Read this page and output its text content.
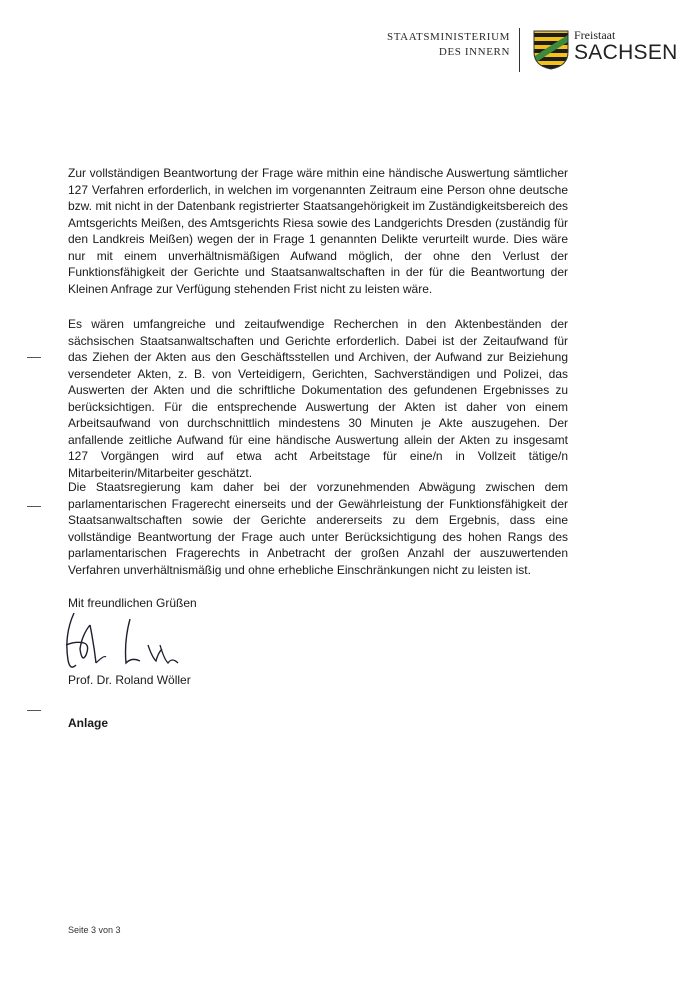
STAATSMINISTERIUM
DES INNERN
Freistaat
SACHSEN

Zur vollständigen Beantwortung der Frage wäre mithin eine händische Auswertung sämtlicher 127 Verfahren erforderlich, in welchen im vorgenannten Zeitraum eine Person ohne deutsche bzw. mit nicht in der Datenbank registrierter Staatsangehörigkeit im Zuständigkeitsbereich des Amtsgerichts Meißen, des Amtsgerichts Riesa sowie des Landgerichts Dresden (zuständig für den Landkreis Meißen) wegen der in Frage 1 genannten Delikte verurteilt wurde. Dies wäre nur mit einem unverhältnismäßigen Aufwand möglich, der ohne den Verlust der Funktionsfähigkeit der Gerichte und Staatsanwaltschaften in der für die Beantwortung der Kleinen Anfrage zur Verfügung stehenden Frist nicht zu leisten wäre.

Es wären umfangreiche und zeitaufwendige Recherchen in den Aktenbeständen der sächsischen Staatsanwaltschaften und Gerichte erforderlich. Dabei ist der Zeitaufwand für das Ziehen der Akten aus den Geschäftsstellen und Archiven, der Aufwand zur Beiziehung versendeter Akten, z. B. von Verteidigern, Gerichten, Sachverständigen und Polizei, das Auswerten der Akten und die schriftliche Dokumentation des gefundenen Ergebnisses zu berücksichtigen. Für die entsprechende Auswertung der Akten ist daher von einem Arbeitsaufwand von durchschnittlich mindestens 30 Minuten je Akte auszugehen. Der anfallende zeitliche Aufwand für eine händische Auswertung allein der Akten zu insgesamt 127 Vorgängen wird auf etwa acht Arbeitstage für eine/n in Vollzeit tätige/n Mitarbeiterin/Mitarbeiter geschätzt.

Die Staatsregierung kam daher bei der vorzunehmenden Abwägung zwischen dem parlamentarischen Fragerecht einerseits und der Gewährleistung der Funktionsfähigkeit der Staatsanwaltschaften sowie der Gerichte andererseits zu dem Ergebnis, dass eine vollständige Beantwortung der Frage auch unter Berücksichtigung des hohen Rangs des parlamentarischen Fragerechts in Anbetracht der großen Anzahl der auszuwertenden Verfahren unverhältnismäßig und ohne erhebliche Einschränkungen nicht zu leisten ist.

Mit freundlichen Grüßen
Prof. Dr. Roland Wöller
Anlage
Seite 3 von 3
